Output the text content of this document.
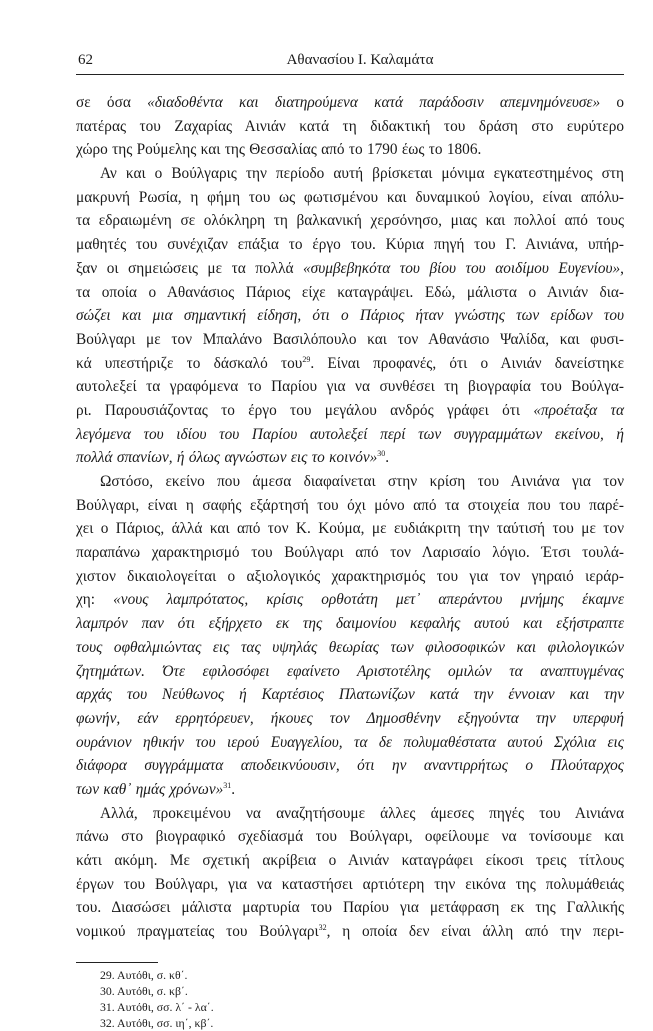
62	Αθανασίου Ι. Καλαμάτα
σε όσα «διαδοθέντα και διατηρούμενα κατά παράδοσιν απεμνημόνευσε» ο
πατέρας του Ζαχαρίας Αινιάν κατά τη διδακτική του δράση στο ευρύτερο
χώρο της Ρούμελης και της Θεσσαλίας από το 1790 έως το 1806.
Αν και ο Βούλγαρις την περίοδο αυτή βρίσκεται μόνιμα εγκατεστημένος στη
μακρυνή Ρωσία, η φήμη του ως φωτισμένου και δυναμικού λογίου, είναι απόλυ-
τα εδραιωμένη σε ολόκληρη τη βαλκανική χερσόνησο, μιας και πολλοί από τους
μαθητές του συνέχιζαν επάξια το έργο του. Κύρια πηγή του Γ. Αινιάνα, υπήρ-
ξαν οι σημειώσεις με τα πολλά «συμβεβηκότα του βίου του αοιδίμου Ευγενίου»,
τα οποία ο Αθανάσιος Πάριος είχε καταγράψει. Εδώ, μάλιστα ο Αινιάν δια-
σώζει και μια σημαντική είδηση, ότι ο Πάριος ήταν γνώστης των ερίδων του
Βούλγαρι με τον Μπαλάνο Βασιλόπουλο και τον Αθανάσιο Ψαλίδα, και φυσι-
κά υπεστήριζε το δάσκαλό του$^{29}$. Είναι προφανές, ότι ο Αινιάν δανείστηκε
αυτολεξεί τα γραφόμενα το Παρίου για να συνθέσει τη βιογραφία του Βούλγα-
ρι. Παρουσιάζοντας το έργο του μεγάλου ανδρός γράφει ότι «προέταξα τα
λεγόμενα του ιδίου του Παρίου αυτολεξεί περί των συγγραμμάτων εκείνου, ή
πολλά σπανίων, ή όλως αγνώστων εις το κοινόν»$^{30}$.
Ωστόσο, εκείνο που άμεσα διαφαίνεται στην κρίση του Αινιάνα για τον
Βούλγαρι, είναι η σαφής εξάρτησή του όχι μόνο από τα στοιχεία που του παρέ-
χει ο Πάριος, άλλά και από τον Κ. Κούμα, με ευδιάκριτη την ταύτισή του με τον
παραπάνω χαρακτηρισμό του Βούλγαρι από τον Λαρισαίο λόγιο. Έτσι τουλά-
χιστον δικαιολογείται ο αξιολογικός χαρακτηρισμός του για τον γηραιό ιεράρ-
χη: «νους λαμπρότατος, κρίσις ορθοτάτη μετ᾽ απεράντου μνήμης έκαμνε
λαμπρόν παν ότι εξήρχετο εκ της δαιμονίου κεφαλής αυτού και εξήστραπτε
τους οφθαλμιώντας εις τας υψηλάς θεωρίας των φιλοσοφικών και φιλολογικών
ζητημάτων. Ότε εφιλοσόφει εφαίνετο Αριστοτέλης ομιλών τα αναπτυγμένας
αρχάς του Νεύθωνος ή Καρτέσιος Πλατωνίζων κατά την έννοιαν και την
φωνήν, εάν ερρητόρευεν, ήκουες τον Δημοσθένην εξηγούντα την υπερφυή
ουράνιον ηθικήν του ιερού Ευαγγελίου, τα δε πολυμαθέστατα αυτού Σχόλια εις
διάφορα συγγράμματα αποδεικνύουσιν, ότι ην αναντιρρήτως ο Πλούταρχος
των καθ᾽ ημάς χρόνων»$^{31}$.
Αλλά, προκειμένου να αναζητήσουμε άλλες άμεσες πηγές του Αινιάνα
πάνω στο βιογραφικό σχεδίασμά του Βούλγαρι, οφείλουμε να τονίσουμε και
κάτι ακόμη. Με σχετική ακρίβεια ο Αινιάν καταγράφει είκοσι τρεις τίτλους
έργων του Βούλγαρι, για να καταστήσει αρτιότερη την εικόνα της πολυμάθειάς
του. Διασώσει μάλιστα μαρτυρία του Παρίου για μετάφραση εκ της Γαλλικής
νομικού πραγματείας του Βούλγαρι$^{32}$, η οποία δεν είναι άλλη από την περι-
29. Αυτόθι, σ. κθ΄.
30. Αυτόθι, σ. κβ΄.
31. Αυτόθι, σσ. λ΄ - λα΄.
32. Αυτόθι, σσ. ιη΄, κβ΄.
